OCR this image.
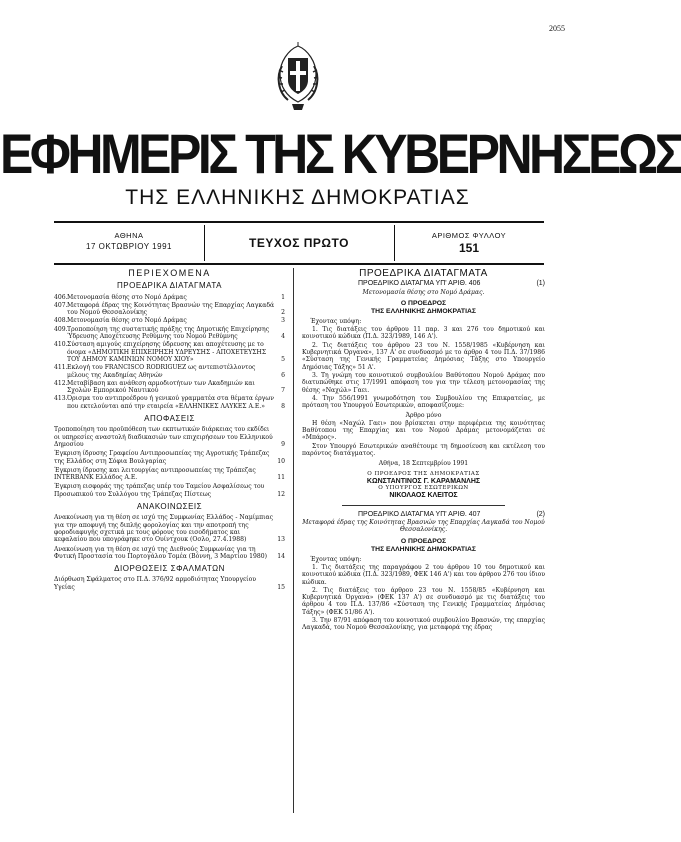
2055
ΕΦΗΜΕΡΙΣ ΤΗΣ ΚΥΒΕΡΝΗΣΕΩΣ
ΤΗΣ ΕΛΛΗΝΙΚΗΣ ΔΗΜΟΚΡΑΤΙΑΣ
ΑΘΗΝΑ
17 ΟΚΤΩΒΡΙΟΥ 1991	ΤΕΥΧΟΣ ΠΡΩΤΟ
ΑΡΙΘΜΟΣ ΦΥΛΛΟΥ
151
ΠΕΡΙΕΧΟΜΕΝΑ
ΠΡΟΕΔΡΙΚΑ ΔΙΑΤΑΓΜΑΤΑ
406. Μετονομασία θέσης στο Νομό Δράμας	1
407. Μεταφορά έδρας της Κοινότητας Βρασνών της Επαρχίας Λαγκαδά του Νομού Θεσσαλονίκης	2
408. Μετονομασία θέσης στο Νομό Δράμας	3
409. Τροποποίηση της συστατικής πράξης της Δημοτικής Επιχείρησης Ύδρευσης Αποχέτευσης Ρεθύμνης του Νομού Ρεθύμνης	4
410. Σύσταση αμιγούς επιχείρησης ύδρευσης και αποχέτευσης με το όνομα «ΔΗΜΟΤΙΚΗ ΕΠΙΧΕΙΡΗΣΗ ΥΔΡΕΥΣΗΣ - ΑΠΟΧΕΤΕΥΣΗΣ ΤΟΥ ΔΗΜΟΥ ΚΑΜΙΝΙΩΝ ΝΟΜΟΥ ΧΙΟΥ»	5
411. Εκλογή του FRANCISCO RODRIGUEZ ως αντεπιστέλλοντος μέλους της Ακαδημίας Αθηνών	6
412. Μεταβίβαση και ανάθεση αρμοδιοτήτων των Ακαδημιών και Σχολών Εμπορικού Ναυτικού	7
413. Όρισμα του αντιπροέδρου ή γενικού γραμματέα στα θέματα έργων που εκτελούνται από την εταιρεία «ΕΛΛΗΝΙΚΕΣ ΛΑΥΚΕΣ Α.Ε.»	8
ΑΠΟΦΑΣΕΙΣ
Τροποποίηση του προϋπόθεση των εκπτωτικών διάρκειας του εκδίδει οι υπηρεσίες αναστολή διαδικασιών των επιχειρήσεων του Ελληνικού Δημοσίου	9
Έγκριση ίδρυσης Γραφείου Αντιπροσωπείας της Αγροτικής Τράπεζας της Ελλάδος στη Σόφια Βουλγαρίας	10
Έγκριση ίδρυσης και λειτουργίας αντιπροσωπείας της Τράπεζας INTERBANK Ελλάδος Α.Ε.	11
Έγκριση εισφοράς της τράπεζας υπέρ του Ταμείου Ασφαλίσεως του Προσωπικού του Συλλόγου της Τράπεζας Πίστεως	12
ΑΝΑΚΟΙΝΩΣΕΙΣ
Ανακοίνωση για τη θέση σε ισχύ της Συμφωνίας Ελλάδος - Ναμίμπιας για την αποφυγή της διπλής φορολογίας και την αποτροπή της φοροδιαφυγής σχετικά με τους φόρους του εισοδήματος και κεφαλαίου που υπογράφηκε στο Ουίντχουκ (Οσλο, 27.4.1988)	13
Ανακοίνωση για τη θέση σε ισχύ της Διεθνούς Συμφωνίας για τη Φυτική Προστασία του Πορτογάλου Τομέα (Βόννη, 3 Μαρτίου 1980)	14
ΔΙΟΡΘΩΣΕΙΣ ΣΦΑΛΜΑΤΩΝ
Διόρθωση Σφάλματος στο Π.Δ. 376/92 αρμοδιότητας Υπουργείου Υγείας	15
ΠΡΟΕΔΡΙΚΑ ΔΙΑΤΑΓΜΑΤΑ
ΠΡΟΕΔΡΙΚΟ ΔΙΑΤΑΓΜΑ ΥΠ' ΑΡΙΘ. 406	(1)
Μετονομασία θέσης στο Νομό Δράμας.
Ο ΠΡΟΕΔΡΟΣ
ΤΗΣ ΕΛΛΗΝΙΚΗΣ ΔΗΜΟΚΡΑΤΙΑΣ
Έχοντας υπόψη:
1. Τις διατάξεις του άρθρου 11 παρ. 3 και 276 του δημοτικού και κοινοτικού κώδικα (Π.Δ. 323/1989, 146 Α').
2. Τις διατάξεις του άρθρου 23 του Ν. 1558/1985 «Κυβέρνηση και Κυβερνητικά Όργανα», 137 Α' σε συνδυασμό με το άρθρο 4 του Π.Δ. 37/1986 «Σύσταση της Γενικής Γραμματείας Δημόσιας Τάξης στο Υπουργείο Δημόσιας Τάξης» 51 Α'.
3. Τη γνώμη του κοινοτικού συμβουλίου Βαθύτοπου Νομού Δράμας που διατυπώθηκε στις 17/1991 απόφαση του για την τέλεση μετονομασίας της θέσης «Ναχώλ» Γαει.
4. Την 556/1991 γνωμοδότηση του Συμβουλίου της Επικρατείας, με πρόταση του Υπουργού Εσωτερικών, αποφασίζουμε:
Άρθρο μόνο
Η θέση «Ναχώλ Γαει» που βρίσκεται στην περιφέρεια της κοινότητας Βαθύτοπου της Επαρχίας και του Νομού Δράμας μετονομάζεται σε «Μπάρος».
Στον Υπουργό Εσωτερικών αναθέτουμε τη δημοσίευση και εκτέλεση του παρόντος διατάγματος.
Αθήνα, 18 Σεπτεμβρίου 1991
Ο ΠΡΟΕΔΡΟΣ ΤΗΣ ΔΗΜΟΚΡΑΤΙΑΣ
ΚΩΝΣΤΑΝΤΙΝΟΣ Γ. ΚΑΡΑΜΑΝΛΗΣ
Ο ΥΠΟΥΡΓΟΣ ΕΣΩΤΕΡΙΚΩΝ
ΝΙΚΟΛΑΟΣ ΚΛΕΙΤΟΣ
ΠΡΟΕΔΡΙΚΟ ΔΙΑΤΑΓΜΑ ΥΠ' ΑΡΙΘ. 407	(2)
Μεταφορά έδρας της Κοινότητας Βρασνών της Επαρχίας Λαγκαδά του Νομού Θεσσαλονίκης.
Ο ΠΡΟΕΔΡΟΣ
ΤΗΣ ΕΛΛΗΝΙΚΗΣ ΔΗΜΟΚΡΑΤΙΑΣ
Έχοντας υπόψη:
1. Τις διατάξεις της παραγράφου 2 του άρθρου 10 του δημοτικού και κοινοτικού κώδικα (Π.Δ. 323/1989, ΦΕΚ 146 Α') και του άρθρου 276 του ίδιου κώδικα.
2. Τις διατάξεις του άρθρου 23 του Ν. 1558/85 «Κυβέρνηση και Κυβερνητικά Όργανα» (ΦΕΚ 137 Α') σε συνδυασμό με τις διατάξεις του άρθρου 4 του Π.Δ. 137/86 «Σύσταση της Γενικής Γραμματείας Δημόσιας Τάξης» (ΦΕΚ 51/86 Α').
3. Την 87/91 απόφαση του κοινοτικού συμβουλίου Βρασνών, της επαρχίας Λαγκαδά, του Νομού Θεσσαλονίκης, για μεταφορά της έδρας
